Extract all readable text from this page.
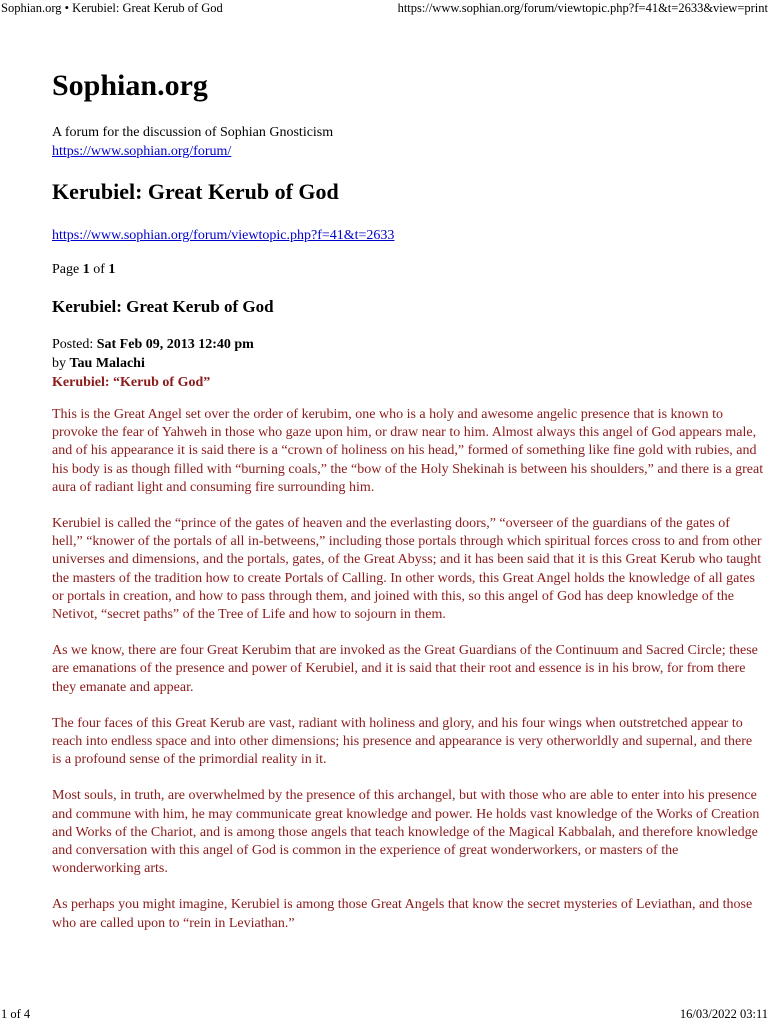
Sophian.org • Kerubiel: Great Kerub of God	https://www.sophian.org/forum/viewtopic.php?f=41&t=2633&view=print
Sophian.org
A forum for the discussion of Sophian Gnosticism
https://www.sophian.org/forum/
Kerubiel: Great Kerub of God
https://www.sophian.org/forum/viewtopic.php?f=41&t=2633
Page 1 of 1
Kerubiel: Great Kerub of God
Posted: Sat Feb 09, 2013 12:40 pm
by Tau Malachi
Kerubiel: “Kerub of God”

This is the Great Angel set over the order of kerubim, one who is a holy and awesome angelic presence that is known to provoke the fear of Yahweh in those who gaze upon him, or draw near to him. Almost always this angel of God appears male, and of his appearance it is said there is a “crown of holiness on his head,” formed of something like fine gold with rubies, and his body is as though filled with “burning coals,” the “bow of the Holy Shekinah is between his shoulders,” and there is a great aura of radiant light and consuming fire surrounding him.

Kerubiel is called the “prince of the gates of heaven and the everlasting doors,” “overseer of the guardians of the gates of hell,” “knower of the portals of all in-betweens,” including those portals through which spiritual forces cross to and from other universes and dimensions, and the portals, gates, of the Great Abyss; and it has been said that it is this Great Kerub who taught the masters of the tradition how to create Portals of Calling. In other words, this Great Angel holds the knowledge of all gates or portals in creation, and how to pass through them, and joined with this, so this angel of God has deep knowledge of the Netivot, “secret paths” of the Tree of Life and how to sojourn in them.

As we know, there are four Great Kerubim that are invoked as the Great Guardians of the Continuum and Sacred Circle; these are emanations of the presence and power of Kerubiel, and it is said that their root and essence is in his brow, for from there they emanate and appear.

The four faces of this Great Kerub are vast, radiant with holiness and glory, and his four wings when outstretched appear to reach into endless space and into other dimensions; his presence and appearance is very otherworldly and supernal, and there is a profound sense of the primordial reality in it.

Most souls, in truth, are overwhelmed by the presence of this archangel, but with those who are able to enter into his presence and commune with him, he may communicate great knowledge and power. He holds vast knowledge of the Works of Creation and Works of the Chariot, and is among those angels that teach knowledge of the Magical Kabbalah, and therefore knowledge and conversation with this angel of God is common in the experience of great wonderworkers, or masters of the wonderworking arts.

As perhaps you might imagine, Kerubiel is among those Great Angels that know the secret mysteries of Leviathan, and those who are called upon to “rein in Leviathan.”

1 of 4	16/03/2022 03:11
